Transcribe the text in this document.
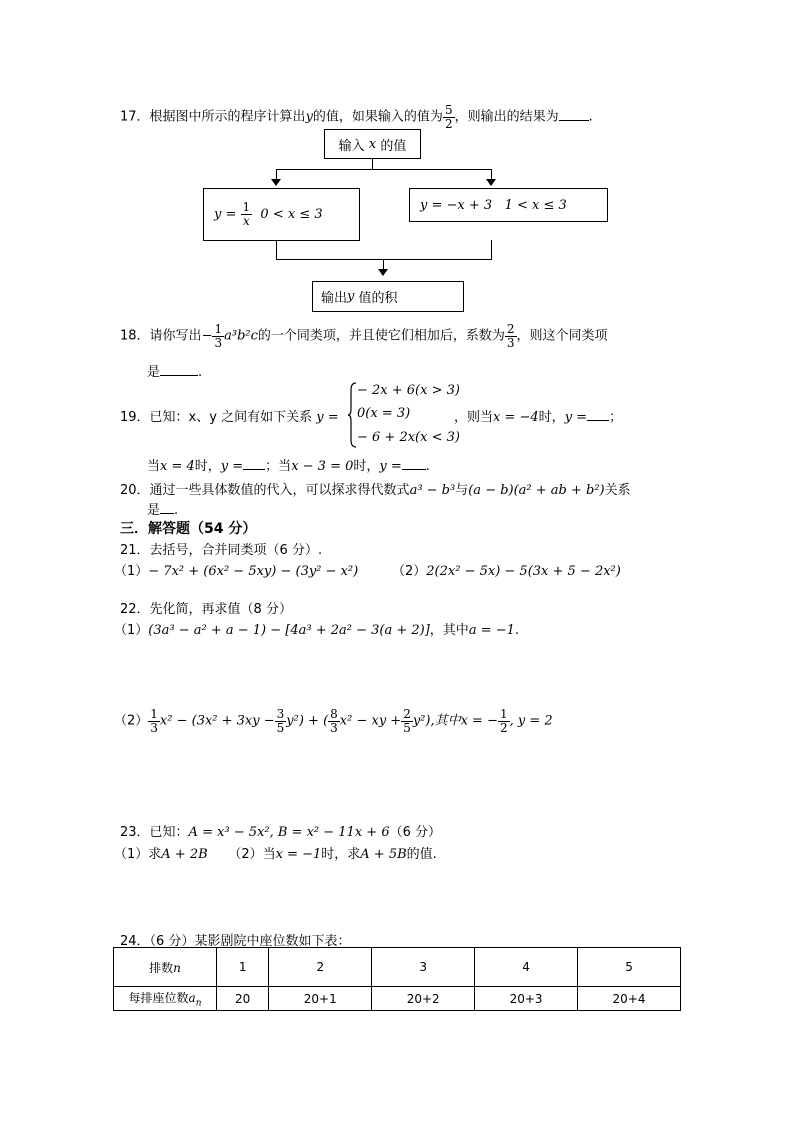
17．根据图中所示的程序计算出y的值，如果输入的值为 $\frac{5}{2}$ ，则输出的结果为 .
输入
x
的值
y =
$\frac{1}{x}$
0 < x ≤ 3
y = −x + 3
1 < x ≤ 3
输出 y
值的积
18．请你写出− $\frac{1}{3} a^3b^2c$的一个同类项，并且使它们相加后，系数为 $\frac{2}{3}$ ，则这个同类项
是	.
19．已知：x、y 之间有如下关系 y =
− 2x + 6(x > 3)
0(x = 3)
− 6 + 2x(x < 3)
，则当x = −4时，y = ；
当x = 4时，y = ；当x − 3 = 0时，y = .
20．通过一些具体数值的代入，可以探求得代数式a³ − b³与(a − b)(a² + ab + b²)关系
是 .
三．解答题（54 分）
21．去括号，合并同类项（6 分）.
（1）− 7x² + (6x² − 5xy) − (3y² − x²)	（2）2(2x² − 5x) − 5(3x + 5 − 2x²)
22．先化简，再求值（8 分）
（1）(3a³ − a² + a − 1) − [4a³ + 2a² − 3(a + 2)]，其中a = −1.
$(2) \frac{1}{3} x^2 - (3x^2 + 3xy - \frac{3}{5} y^2)$ + ( $\frac{8}{3} x^2$ − xy + $\frac{2}{5} y^2$),其中x = − $\frac{1}{2}$ , y = 2
23．已知：A = x³ − 5x², B = x² − 11x + 6（6 分）
（1）求A + 2B （2）当x = −1时，求A + 5B的值.
24．（6 分）某影剧院中座位数如下表：
排数n	1	2	3	4	5
每排座位数$a_n$	20	20+1	20+2	20+3	20+4
